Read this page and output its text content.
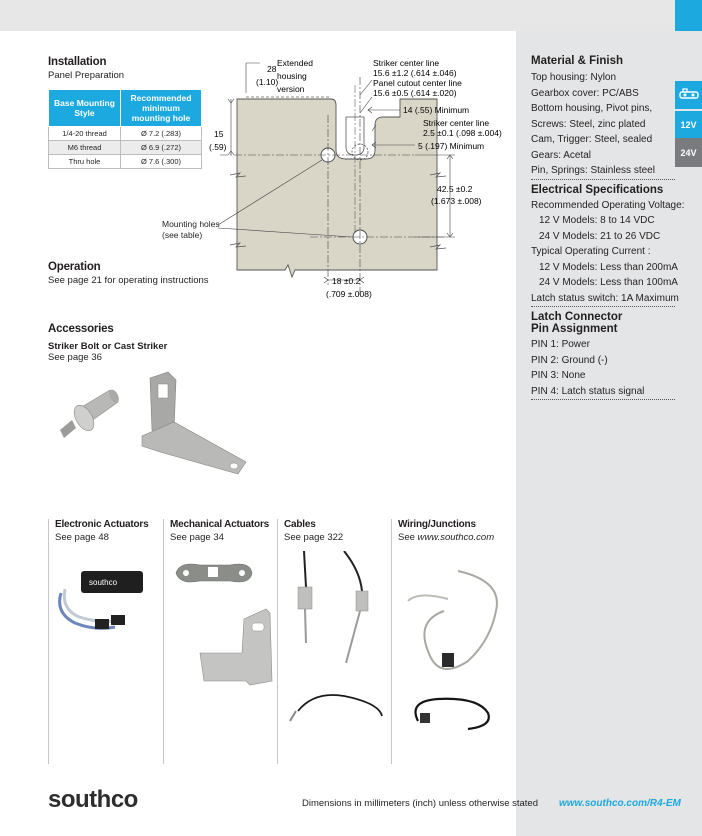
12V
24V
Installation
Panel Preparation
Base Mounting Style	Recommended minimum mounting hole
1/4-20 thread	Ø 7.2 (.283)
M6 thread	Ø 6.9 (.272)
Thru hole	Ø 7.6 (.300)
28
(1.10)
Extended
housing
version
Striker center line
15.6 ±1.2 (.614 ±.046)
Panel cutout center line
15.6 ±0.5 (.614 ±.020)
14 (.55) Minimum
Striker center line
2.5 ±0.1 (.098 ±.004)
5 (.197) Minimum
15
(.59)
42.5 ±0.2
(1.673 ±.008)
18 ±0.2
(.709 ±.008)
Mounting holes
(see table)
Operation
See page 21 for operating instructions
Accessories
Striker Bolt or Cast Striker
See page 36
Electronic Actuators
See page 48
southco
Mechanical Actuators
See page 34
Cables
See page 322
Wiring/Junctions
See www.southco.com
Material & Finish
Top housing: Nylon
Gearbox cover: PC/ABS
Bottom housing, Pivot pins,
Screws: Steel, zinc plated
Cam, Trigger: Steel, sealed
Gears: Acetal
Pin, Springs: Stainless steel
Electrical Specifications
Recommended Operating Voltage:
12 V Models: 8 to 14 VDC
24 V Models: 21 to 26 VDC
Typical Operating Current :
12 V Models: Less than 200mA
24 V Models: Less than 100mA
Latch status switch: 1A Maximum
Latch Connector
Pin Assignment
PIN 1: Power
PIN 2: Ground (-)
PIN 3: None
PIN 4: Latch status signal
southco	Dimensions in millimeters (inch) unless otherwise stated www.southco.com/R4-EM
